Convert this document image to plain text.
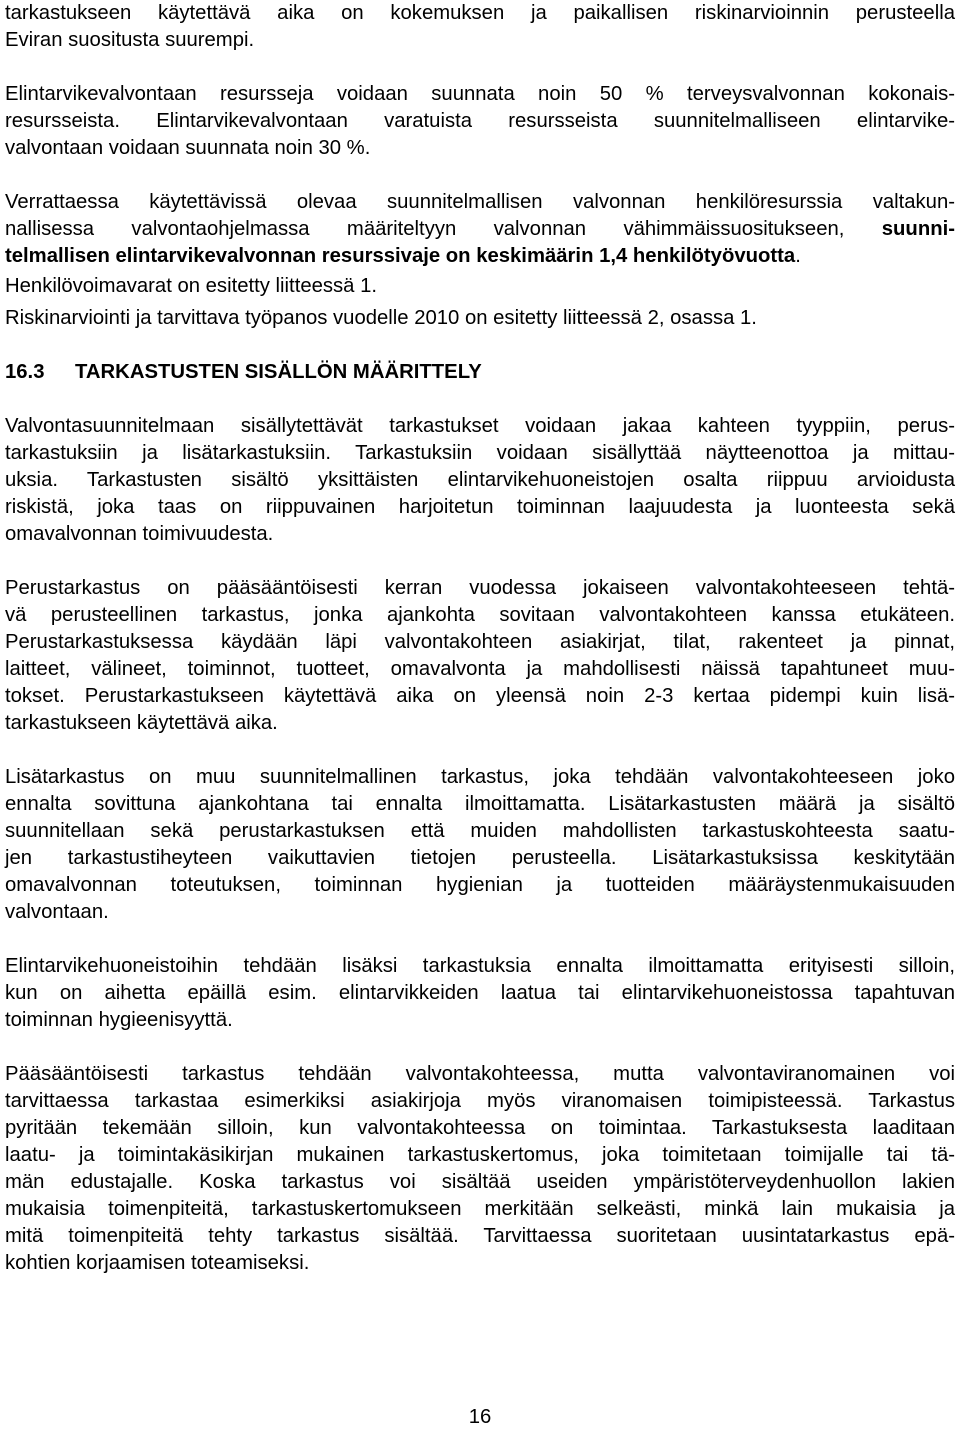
tarkastukseen käytettävä aika on kokemuksen ja paikallisen riskinarvioinnin perusteella
Eviran suositusta suurempi.
Elintarvikevalvontaan resursseja voidaan suunnata noin 50 % terveysvalvonnan kokonais-
resursseista. Elintarvikevalvontaan varatuista resursseista suunnitelmalliseen elintarvike-
valvontaan voidaan suunnata noin 30 %.
Verrattaessa käytettävissä olevaa suunnitelmallisen valvonnan henkilöresurssia valtakun-
nallisessa valvontaohjelmassa määriteltyyn valvonnan vähimmäissuositukseen, suunni-
telmallisen elintarvikevalvonnan resurssivaje on keskimäärin 1,4 henkilötyövuotta.
Henkilövoimavarat on esitetty liitteessä 1.
Riskinarviointi ja tarvittava työpanos vuodelle 2010 on esitetty liitteessä 2, osassa 1.
16.3 TARKASTUSTEN SISÄLLÖN MÄÄRITTELY
Valvontasuunnitelmaan sisällytettävät tarkastukset voidaan jakaa kahteen tyyppiin, perus-
tarkastuksiin ja lisätarkastuksiin. Tarkastuksiin voidaan sisällyttää näytteenottoa ja mittau-
uksia. Tarkastusten sisältö yksittäisten elintarvikehuoneistojen osalta riippuu arvioidusta
riskistä, joka taas on riippuvainen harjoitetun toiminnan laajuudesta ja luonteesta sekä
omavalvonnan toimivuudesta.
Perustarkastus on pääsääntöisesti kerran vuodessa jokaiseen valvontakohteeseen tehtä-
vä perusteellinen tarkastus, jonka ajankohta sovitaan valvontakohteen kanssa etukäteen.
Perustarkastuksessa käydään läpi valvontakohteen asiakirjat, tilat, rakenteet ja pinnat,
laitteet, välineet, toiminnot, tuotteet, omavalvonta ja mahdollisesti näissä tapahtuneet muu-
tokset. Perustarkastukseen käytettävä aika on yleensä noin 2-3 kertaa pidempi kuin lisä-
tarkastukseen käytettävä aika.
Lisätarkastus on muu suunnitelmallinen tarkastus, joka tehdään valvontakohteeseen joko
ennalta sovittuna ajankohtana tai ennalta ilmoittamatta. Lisätarkastusten määrä ja sisältö
suunnitellaan sekä perustarkastuksen että muiden mahdollisten tarkastuskohteesta saatu-
jen tarkastustiheyteen vaikuttavien tietojen perusteella. Lisätarkastuksissa keskitytään
omavalvonnan toteutuksen, toiminnan hygienian ja tuotteiden määräystenmukaisuuden
valvontaan.
Elintarvikehuoneistoihin tehdään lisäksi tarkastuksia ennalta ilmoittamatta erityisesti silloin,
kun on aihetta epäillä esim. elintarvikkeiden laatua tai elintarvikehuoneistossa tapahtuvan
toiminnan hygieenisyyttä.
Pääsääntöisesti tarkastus tehdään valvontakohteessa, mutta valvontaviranomainen voi
tarvittaessa tarkastaa esimerkiksi asiakirjoja myös viranomaisen toimipisteessä. Tarkastus
pyritään tekemään silloin, kun valvontakohteessa on toimintaa. Tarkastuksesta laaditaan
laatu- ja toimintakäsikirjan mukainen tarkastuskertomus, joka toimitetaan toimijalle tai tä-
män edustajalle. Koska tarkastus voi sisältää useiden ympäristöterveydenhuollon lakien
mukaisia toimenpiteitä, tarkastuskertomukseen merkitään selkeästi, minkä lain mukaisia ja
mitä toimenpiteitä tehty tarkastus sisältää. Tarvittaessa suoritetaan uusintatarkastus epä-
kohtien korjaamisen toteamiseksi.
16
